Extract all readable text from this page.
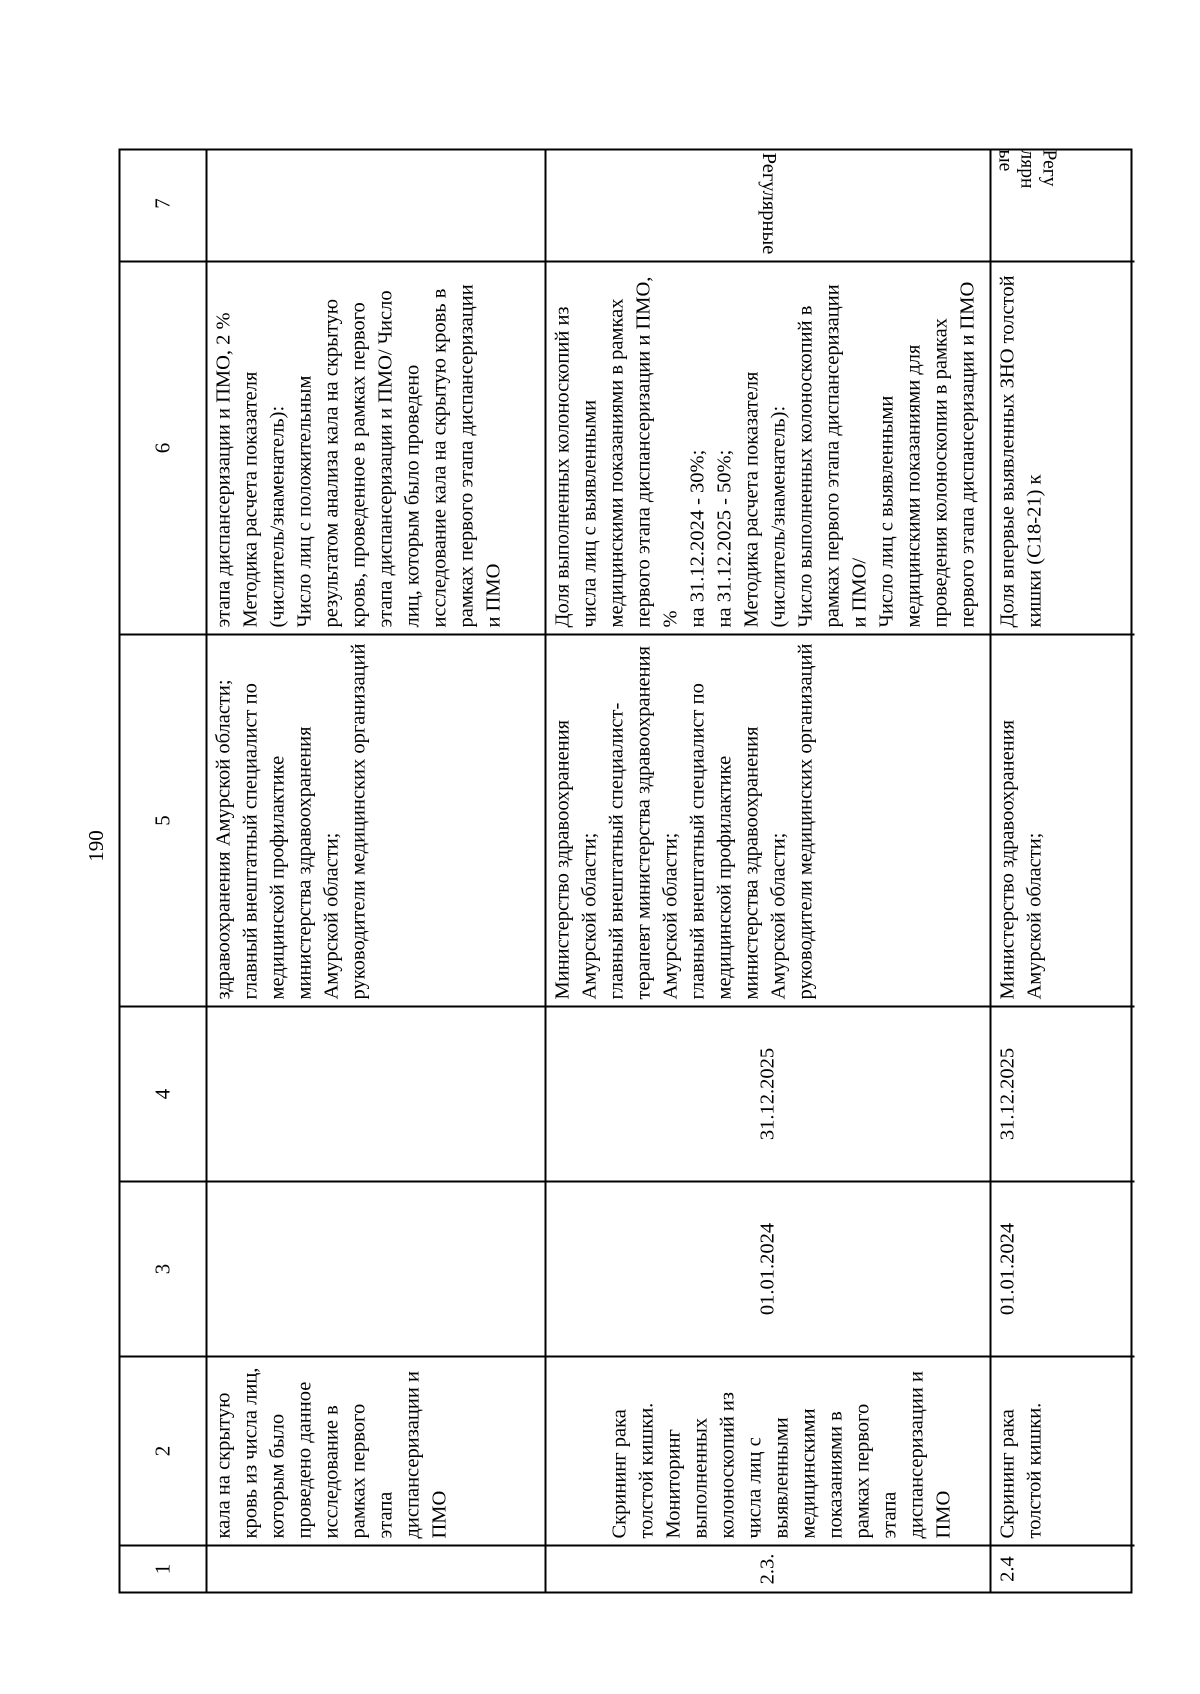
190
1
2
3
4
5
6
7
кала на скрытую кровь из числа лиц, которым было проведено данное исследование в рамках первого этапа диспансеризации и ПМО
здравоохранения Амурской области;
главный внештатный специалист по медицинской профилактике министерства здравоохранения Амурской области;
руководители медицинских организаций
этапа диспансеризации и ПМО, 2 %
Методика расчета показателя (числитель/знаменатель):
Число лиц с положительным результатом анализа кала на скрытую кровь, проведенное в рамках первого этапа диспансеризации и ПМО/ Число лиц, которым было проведено исследование кала на скрытую кровь в рамках первого этапа диспансеризации и ПМО
2.3.
Скрининг рака толстой кишки.
Мониторинг выполненных колоноскопий из числа лиц с выявленными медицинскими показаниями в рамках первого этапа диспансеризации и ПМО
01.01.2024
31.12.2025
Министерство здравоохранения Амурской области;
главный внештатный специалист-терапевт министерства здравоохранения Амурской области;
главный внештатный специалист по медицинской профилактике министерства здравоохранения Амурской области;
руководители медицинских организаций
Доля выполненных колоноскопий из числа лиц с выявленными медицинскими показаниями в рамках первого этапа диспансеризации и ПМО, %
на 31.12.2024 - 30%;
на 31.12.2025 - 50%;
Методика расчета показателя (числитель/знаменатель):
Число выполненных колоноскопий в рамках первого этапа диспансеризации и ПМО/
Число лиц с выявленными медицинскими показаниями для проведения колоноскопии в рамках первого этапа диспансеризации и ПМО
Регулярные
2.4
Скрининг рака толстой кишки.
01.01.2024
31.12.2025
Министерство здравоохранения Амурской области;
Доля впервые выявленных ЗНО толстой кишки (С18-21) к
Регу
лярн
ые
